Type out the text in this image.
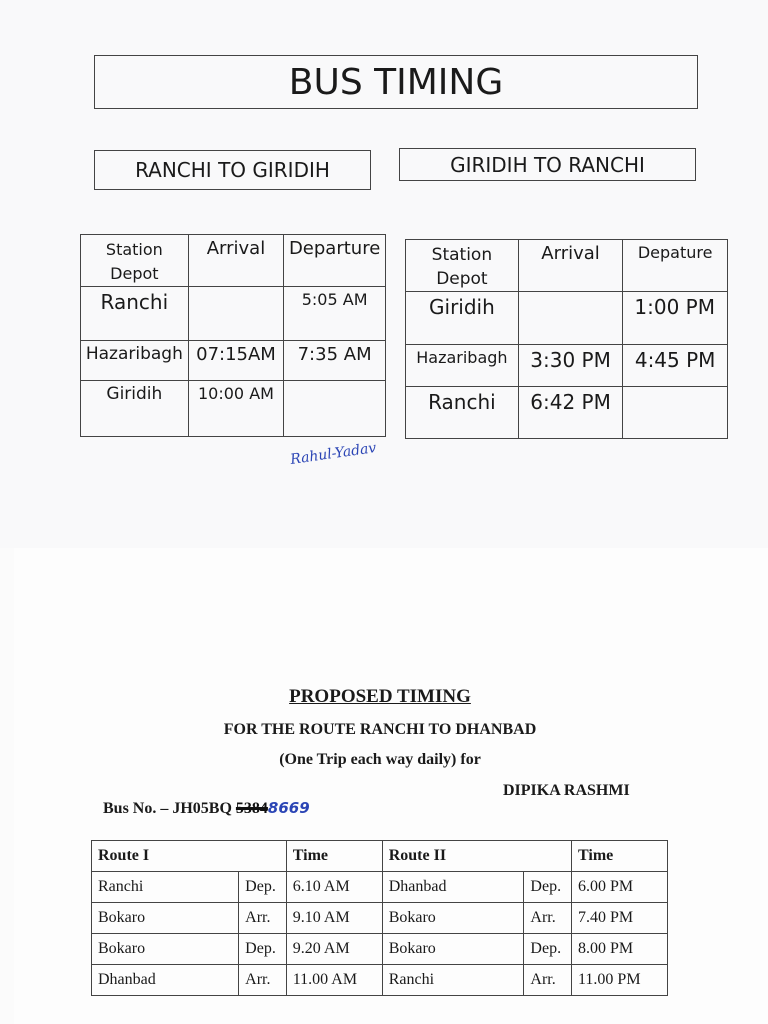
BUS TIMING
RANCHI TO GIRIDIH	GIRIDIH TO RANCHI
Station Depot	Arrival	Departure
Ranchi		5:05 AM
Hazaribagh	07:15AM	7:35 AM
Giridih	10:00 AM	
Station Depot	Arrival	Depature
Giridih		1:00 PM
Hazaribagh	3:30 PM	4:45 PM
Ranchi	6:42 PM	
Rahul-Yadav
PROPOSED TIMING
FOR THE ROUTE RANCHI TO DHANBAD
(One Trip each way daily) for

Bus No. – JH05BQ 53848669

DIPIKA RASHMI
Route I		Time	Route II		Time
Ranchi	Dep.	6.10 AM	Dhanbad	Dep.	6.00 PM
Bokaro	Arr.	9.10 AM	Bokaro	Arr.	7.40 PM
Bokaro	Dep.	9.20 AM	Bokaro	Dep.	8.00 PM
Dhanbad	Arr.	11.00 AM	Ranchi	Arr.	11.00 PM
